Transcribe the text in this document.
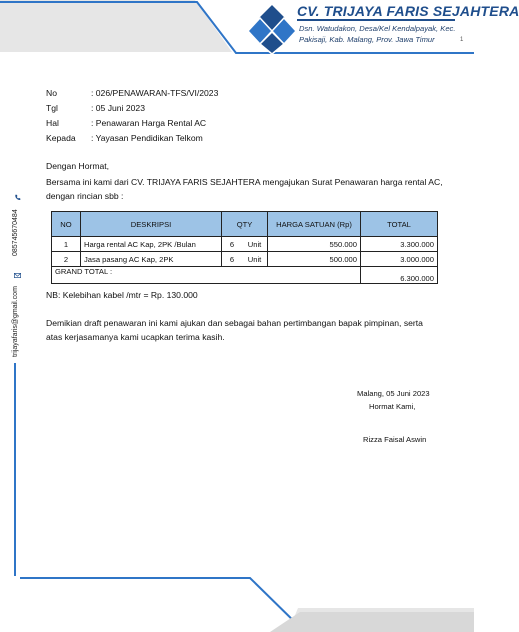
CV. TRIJAYA FARIS SEJAHTERA
Dsn. Watudakon, Desa/Kel Kendalpayak, Kec.
Pakisaji, Kab. Malang, Prov. Jawa Timur	1
085745670484
trijayafaris@gmail.com
No	: 026/PENAWARAN-TFS/VI/2023
Tgl	: 05 Juni 2023
Hal	: Penawaran Harga Rental AC
Kepada : Yayasan Pendidikan Telkom
Dengan Hormat,
Bersama ini kami dari CV. TRIJAYA FARIS SEJAHTERA mengajukan Surat Penawaran harga rental AC,
dengan rincian sbb :
NO	DESKRIPSI	QTY		HARGA SATUAN (Rp)	TOTAL
1	Harga rental AC Kap, 2PK /Bulan	6	Unit	550.000	3.300.000
2	Jasa pasang AC Kap, 2PK	6	Unit	500.000	3.000.000
GRAND TOTAL :					6.300.000
NB: Kelebihan kabel /mtr = Rp. 130.000
Demikian draft penawaran ini kami ajukan dan sebagai bahan pertimbangan bapak pimpinan, serta
atas kerjasamanya kami ucapkan terima kasih.
Malang, 05 Juni 2023
Hormat Kami,
Rizza Faisal Aswin
